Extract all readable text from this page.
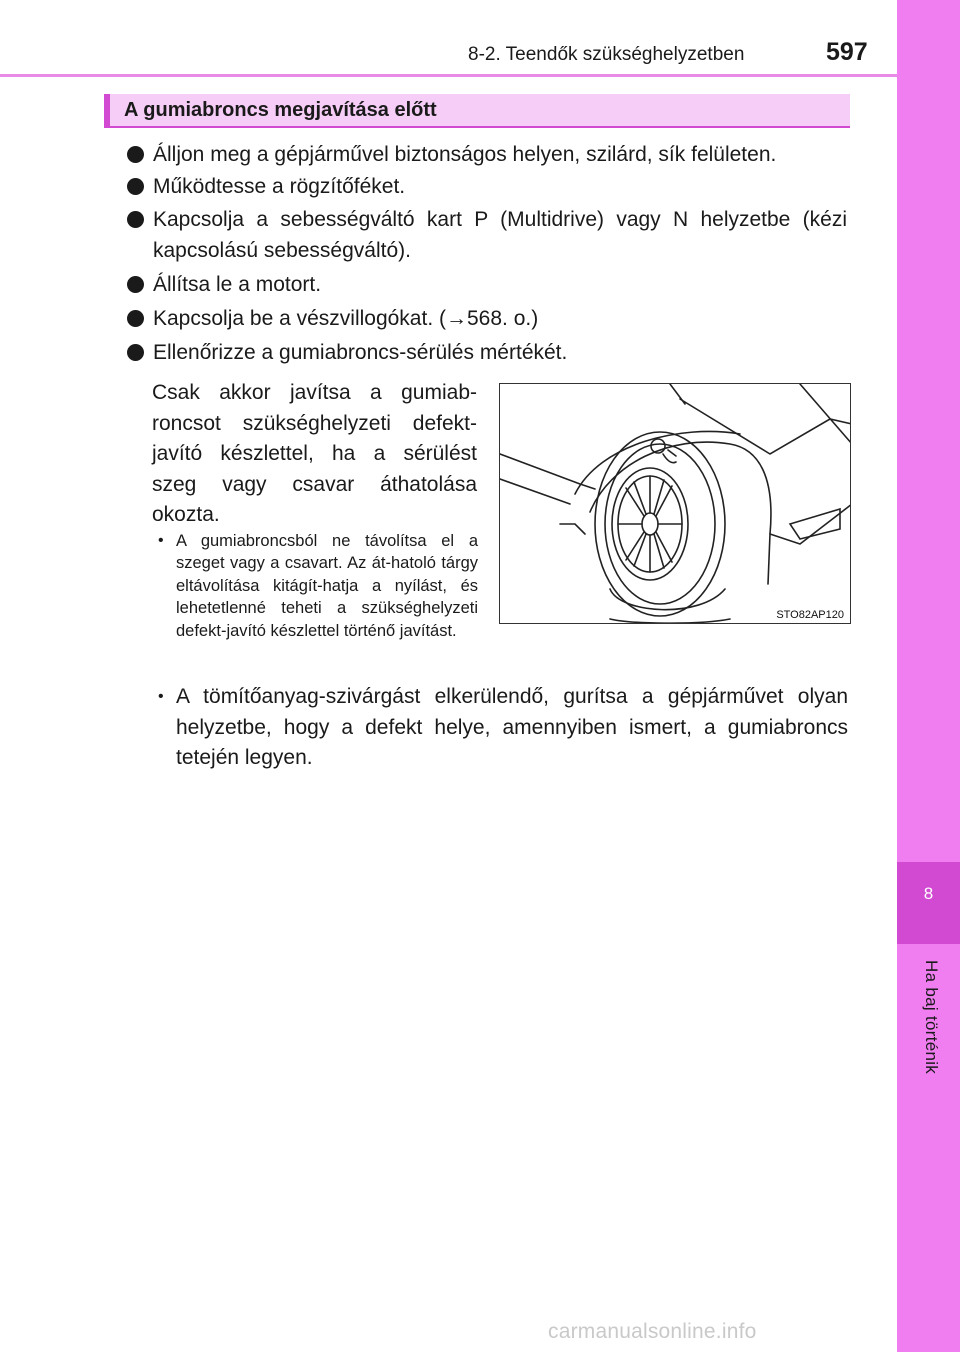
8
Ha baj történik
8-2. Teendők szükséghelyzetben	597
A gumiabroncs megjavítása előtt
Álljon meg a gépjárművel biztonságos helyen, szilárd, sík felületen.
Működtesse a rögzítőféket.
Kapcsolja a sebességváltó kart P (Multidrive) vagy N helyzetbe (kézi kapcsolású sebességváltó).
Állítsa le a motort.
Kapcsolja be a vészvillogókat. (→568. o.)
Ellenőrizze a gumiabroncs-sérülés mértékét.
Csak akkor javítsa a gumiab-roncsot szükséghelyzeti defekt-javító készlettel, ha a sérülést szeg vagy csavar áthatolása okozta.
• A gumiabroncsból ne távolítsa el a szeget vagy a csavart. Az át-hatoló tárgy eltávolítása kitágít-hatja a nyílást, és lehetetlenné teheti a szükséghelyzeti defekt-javító készlettel történő javítást.
STO82AP120
• A tömítőanyag-szivárgást elkerülendő, gurítsa a gépjárművet olyan helyzetbe, hogy a defekt helye, amennyiben ismert, a gumiabroncs tetején legyen.
carmanualsonline.info
